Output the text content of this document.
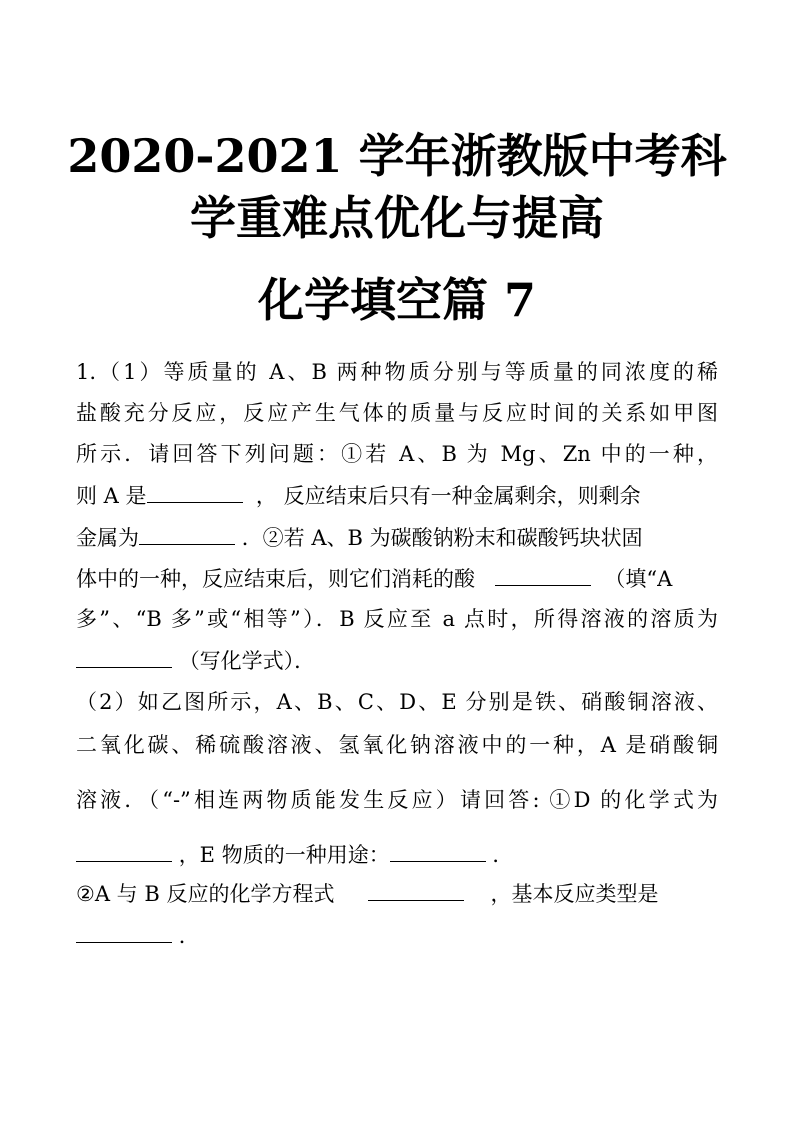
2020-2021 学年浙教版中考科
学重难点优化与提高
化学填空篇 7
1.（1）等质量的 A、B 两种物质分别与等质量的同浓度的稀
盐酸充分反应，反应产生气体的质量与反应时间的关系如甲图
所示．请回答下列问题：①若 A、B 为 Mg、Zn 中的一种，
则 A 是	， 反应结束后只有一种金属剩余，则剩余
金属为	．②若 A、B 为碳酸钠粉末和碳酸钙块状固
体中的一种，反应结束后，则它们消耗的酸	（填“A
多”、“B 多”或“相等”）．B 反应至 a 点时，所得溶液的溶质为
（写化学式）．
（2）如乙图所示，A、B、C、D、E 分别是铁、硝酸铜溶液、
二氧化碳、稀硫酸溶液、氢氧化钠溶液中的一种，A 是硝酸铜
溶液．（“-”相连两物质能发生反应）请回答: ①D 的化学式为
，E 物质的一种用途：	．
②A 与 B 反应的化学方程式	，基本反应类型是
．
